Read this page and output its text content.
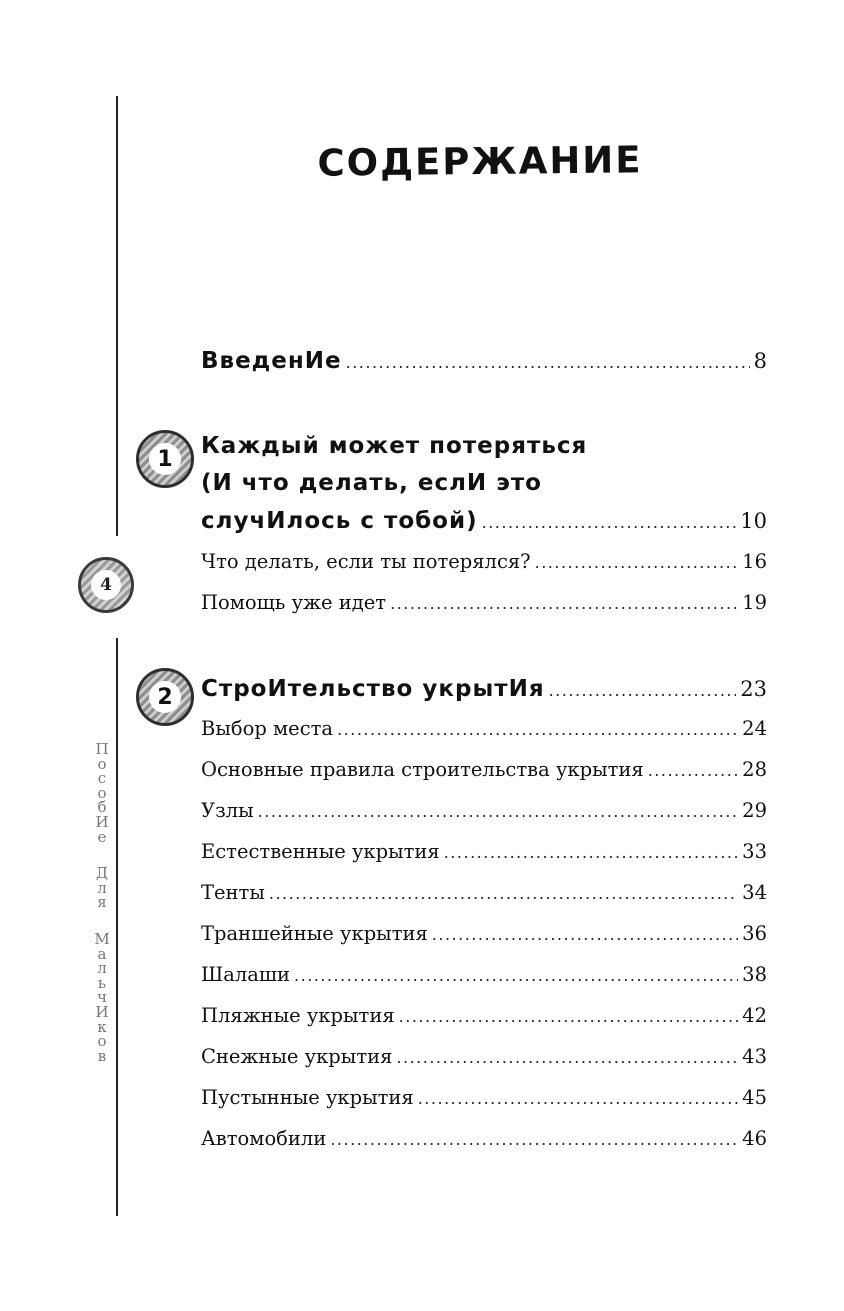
4
П
о
с
о
б
И
е
Д
л
я
М
а
л
ь
ч
И
к
о
в
СОДЕРЖАНИЕ
ВведенИе .....	8
1	Каждый может потеряться
(И что делать, еслИ это
случИлось с тобой) .....	10
Что делать, если ты потерялся? .....	16
Помощь уже идет .....	19
2	СтроИтельство укрытИя .....	23
Выбор места .....	24
Основные правила строительства укрытия .....	28
Узлы .....	29
Естественные укрытия .....	33
Тенты .....	34
Траншейные укрытия .....	36
Шалаши .....	38
Пляжные укрытия .....	42
Снежные укрытия .....	43
Пустынные укрытия .....	45
Автомобили .....	46
